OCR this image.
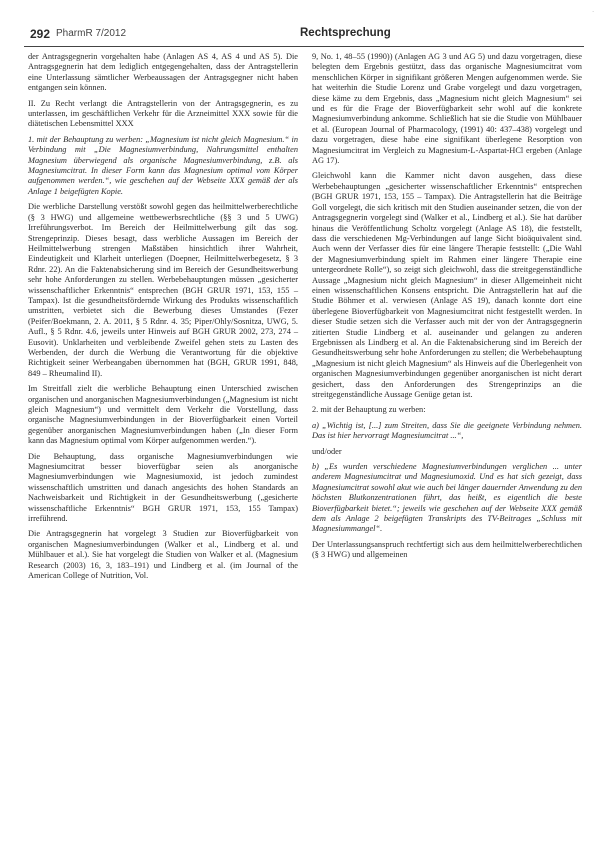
·
292 PharmR 7/2012	Rechtsprechung

der Antragsgegnerin vorgehalten habe (Anlagen AS 4, AS 4 und AS 5). Die Antragsgegnerin hat dem lediglich entgegengehalten, dass der Antragstellerin eine Unterlassung sämtlicher Werbeaussagen der Antragsgegner nicht haben entgangen sein können.

II. Zu Recht verlangt die Antragstellerin von der Antragsgegnerin, es zu unterlassen, im geschäftlichen Verkehr für die Arzneimittel XXX sowie für die diätetischen Lebensmittel XXX

1. mit der Behauptung zu werben: „Magnesium ist nicht gleich Magnesium.“ in Verbindung mit „Die Magnesiumverbindung, Nahrungsmittel enthalten Magnesium überwiegend als organische Magnesiumverbindung, z.B. als Magnesiumcitrat. In dieser Form kann das Magnesium optimal vom Körper aufgenommen werden.“, wie geschehen auf der Webseite XXX gemäß der als Anlage 1 beigefügten Kopie.

Die werbliche Darstellung verstößt sowohl gegen das heilmittelwerberechtliche (§ 3 HWG) und allgemeine wettbewerbsrechtliche (§§ 3 und 5 UWG) Irreführungsverbot. Im Bereich der Heilmittelwerbung gilt das sog. Strengeprinzip. Dieses besagt, dass werbliche Aussagen im Bereich der Heilmittelwerbung strengen Maßstäben hinsichtlich ihrer Wahrheit, Eindeutigkeit und Klarheit unterliegen (Doepner, Heilmittelwerbegesetz, § 3 Rdnr. 22). An die Faktenabsicherung sind im Bereich der Gesundheitswerbung sehr hohe Anforderungen zu stellen. Werbebehauptungen müssen „gesicherter wissenschaftlicher Erkenntnis“ entsprechen (BGH GRUR 1971, 153, 155 – Tampax). Ist die gesundheitsfördernde Wirkung des Produkts wissenschaftlich umstritten, verbietet sich die Bewerbung dieses Umstandes (Fezer (Peifer/Boekmann, 2. A. 2011, § 5 Rdnr. 4. 35; Piper/Ohly/Sosnitza, UWG, 5. Aufl., § 5 Rdnr. 4.6, jeweils unter Hinweis auf BGH GRUR 2002, 273, 274 – Eusovit). Unklarheiten und verbleibende Zweifel gehen stets zu Lasten des Werbenden, der durch die Werbung die Verantwortung für die objektive Richtigkeit seiner Werbeangaben übernommen hat (BGH, GRUR 1991, 848, 849 – Rheumalind II).

Im Streitfall zielt die werbliche Behauptung einen Unterschied zwischen organischen und anorganischen Magnesiumverbindungen („Magnesium ist nicht gleich Magnesium“) und vermittelt dem Verkehr die Vorstellung, dass organische Magnesiumverbindungen in der Bioverfügbarkeit einen Vorteil gegenüber anorganischen Magnesiumverbindungen haben („In dieser Form kann das Magnesium optimal vom Körper aufgenommen werden.“).

Die Behauptung, dass organische Magnesiumverbindungen wie Magnesiumcitrat besser bioverfügbar seien als anorganische Magnesiumverbindungen wie Magnesiumoxid, ist jedoch zumindest wissenschaftlich umstritten und danach angesichts des hohen Standards an Nachweisbarkeit und Richtigkeit in der Gesundheitswerbung („gesicherte wissenschaftliche Erkenntnis“ BGH GRUR 1971, 153, 155 Tampax) irreführend.

Die Antragsgegnerin hat vorgelegt 3 Studien zur Bioverfügbarkeit von organischen Magnesiumverbindungen (Walker et al., Lindberg et al. und Mühlbauer et al.). Sie hat vorgelegt die Studien von Walker et al. (Magnesium Research (2003) 16, 3, 183–191) und Lindberg et al. (im Journal of the American College of Nutrition, Vol.

9, No. 1, 48–55 (1990)) (Anlagen AG 3 und AG 5) und dazu vorgetragen, diese belegten dem Ergebnis gestützt, dass das organische Magnesiumcitrat vom menschlichen Körper in signifikant größeren Mengen aufgenommen werde. Sie hat weiterhin die Studie Lorenz und Grabe vorgelegt und dazu vorgetragen, diese käme zu dem Ergebnis, dass „Magnesium nicht gleich Magnesium“ sei und es für die Frage der Bioverfügbarkeit sehr wohl auf die konkrete Magnesiumverbindung ankomme. Schließlich hat sie die Studie von Mühlbauer et al. (European Journal of Pharmacology, (1991) 40: 437–438) vorgelegt und dazu vorgetragen, diese habe eine signifikant überlegene Resorption von Magnesiumcitrat im Vergleich zu Magnesium-L-Aspartat-HCl ergeben (Anlage AG 17).

Gleichwohl kann die Kammer nicht davon ausgehen, dass diese Werbebehauptungen „gesicherter wissenschaftlicher Erkenntnis“ entsprechen (BGH GRUR 1971, 153, 155 – Tampax). Die Antragstellerin hat die Beiträge Goll vorgelegt, die sich kritisch mit den Studien auseinander setzen, die von der Antragsgegnerin vorgelegt sind (Walker et al., Lindberg et al.). Sie hat darüber hinaus die Veröffentlichung Scholtz vorgelegt (Anlage AS 18), die feststellt, dass die verschiedenen Mg-Verbindungen auf lange Sicht bioäquivalent sind. Auch wenn der Verfasser dies für eine längere Therapie feststellt: („Die Wahl der Magnesiumverbindung spielt im Rahmen einer längere Therapie eine untergeordnete Rolle“), so zeigt sich gleichwohl, dass die streitgegenständliche Aussage „Magnesium nicht gleich Magnesium“ in dieser Allgemeinheit nicht einen wissenschaftlichen Konsens entspricht. Die Antragstellerin hat auf die Studie Böhmer et al. verwiesen (Anlage AS 19), danach konnte dort eine überlegene Bioverfügbarkeit von Magnesiumcitrat nicht festgestellt werden. In dieser Studie setzen sich die Verfasser auch mit der von der Antragsgegnerin zitierten Studie Lindberg et al. auseinander und gelangen zu anderen Ergebnissen als Lindberg et al. An die Faktenabsicherung sind im Bereich der Gesundheitswerbung sehr hohe Anforderungen zu stellen; die Werbebehauptung „Magnesium ist nicht gleich Magnesium“ als Hinweis auf die Überlegenheit von organischen Magnesiumverbindungen gegenüber anorganischen ist nicht derart gesichert, dass den Anforderungen des Strengeprinzips an die streitgegenständliche Aussage Genüge getan ist.

2. mit der Behauptung zu werben:

a) „Wichtig ist, [...] zum Streiten, dass Sie die geeignete Verbindung nehmen. Das ist hier hervorragt Magnesiumcitrat ...“,

und/oder

b) „Es wurden verschiedene Magnesiumverbindungen verglichen ... unter anderem Magnesiumcitrat und Magnesiumoxid. Und es hat sich gezeigt, dass Magnesiumcitrat sowohl akut wie auch bei länger dauernder Anwendung zu den höchsten Blutkonzentrationen führt, das heißt, es eigentlich die beste Bioverfügbarkeit bietet.“; jeweils wie geschehen auf der Webseite XXX gemäß dem als Anlage 2 beigefügten Transkripts des TV-Beitrages „Schluss mit Magnesiummangel“.

Der Unterlassungsanspruch rechtfertigt sich aus dem heilmittelwerberechtlichen (§ 3 HWG) und allgemeinen
